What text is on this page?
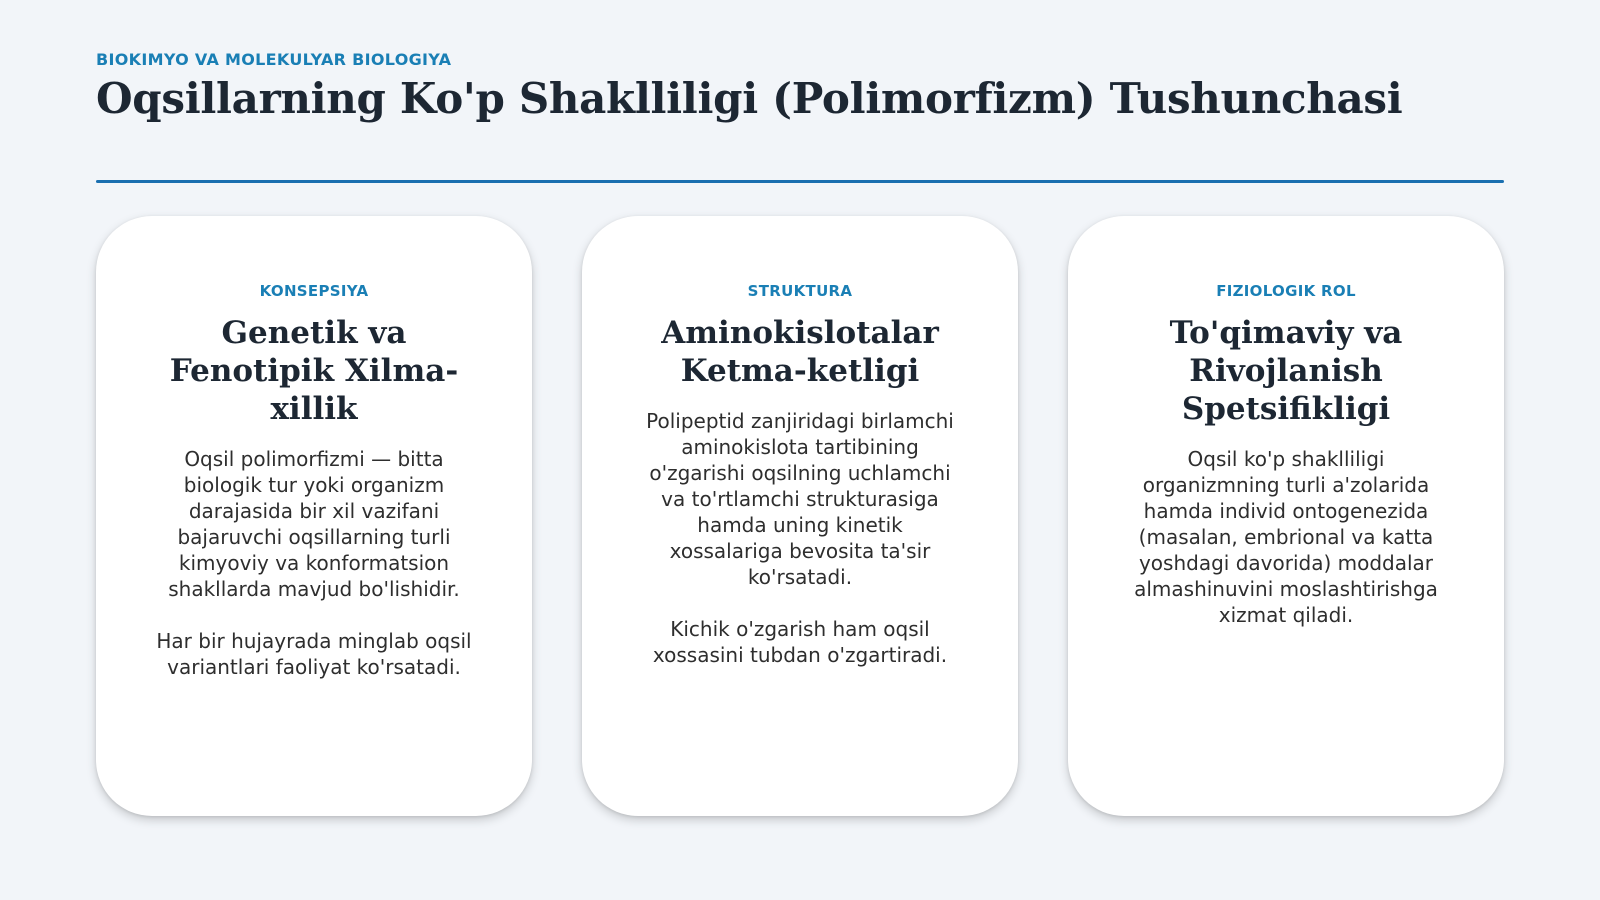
BIOKIMYO VA MOLEKULYAR BIOLOGIYA
Oqsillarning Ko'p Shaklliligi (Polimorfizm) Tushunchasi
KONSEPSIYA
Genetik va Fenotipik Xilma-xillik

Oqsil polimorfizmi — bitta biologik tur yoki organizm darajasida bir xil vazifani bajaruvchi oqsillarning turli kimyoviy va konformatsion shakllarda mavjud bo'lishidir.

Har bir hujayrada minglab oqsil variantlari faoliyat ko'rsatadi.

STRUKTURA
Aminokislotalar Ketma-ketligi

Polipeptid zanjiridagi birlamchi aminokislota tartibining o'zgarishi oqsilning uchlamchi va to'rtlamchi strukturasiga hamda uning kinetik xossalariga bevosita ta'sir ko'rsatadi.

Kichik o'zgarish ham oqsil xossasini tubdan o'zgartiradi.

FIZIOLOGIK ROL
To'qimaviy va Rivojlanish Spetsifikligi

Oqsil ko'p shaklliligi organizmning turli a'zolarida hamda individ ontogenezida (masalan, embrional va katta yoshdagi davorida) moddalar almashinuvini moslashtirishga xizmat qiladi.
